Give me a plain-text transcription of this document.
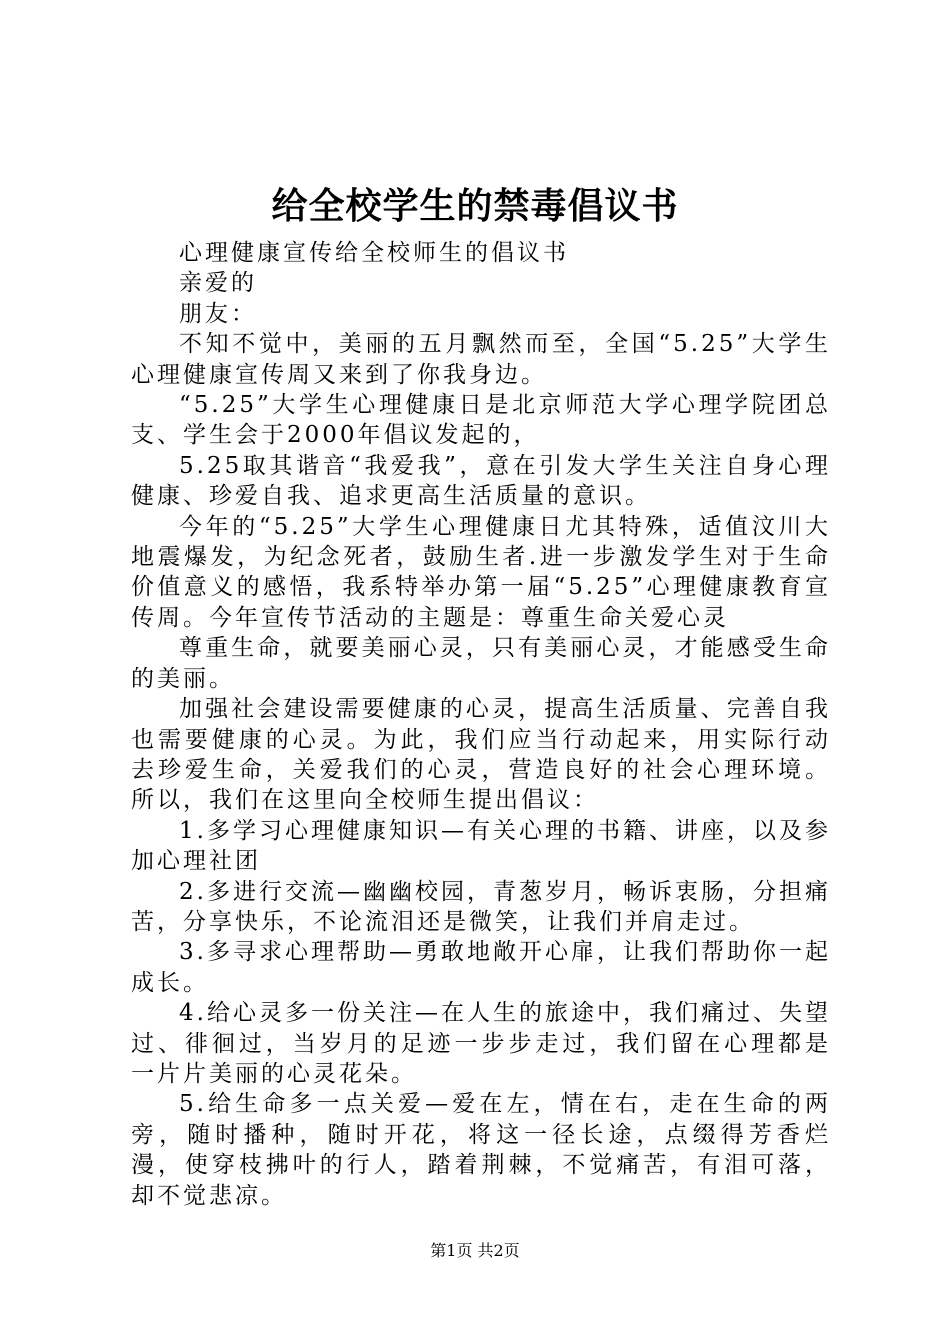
给全校学生的禁毒倡议书

心理健康宣传给全校师生的倡议书

亲爱的

朋友：

不知不觉中，美丽的五月飘然而至，全国“5.25”大学生心理健康宣传周又来到了你我身边。

“5.25”大学生心理健康日是北京师范大学心理学院团总支、学生会于2000年倡议发起的，

5.25取其谐音“我爱我”，意在引发大学生关注自身心理健康、珍爱自我、追求更高生活质量的意识。

今年的“5.25”大学生心理健康日尤其特殊，适值汶川大地震爆发，为纪念死者，鼓励生者.进一步激发学生对于生命价值意义的感悟，我系特举办第一届“5.25”心理健康教育宣传周。今年宣传节活动的主题是：尊重生命关爱心灵

尊重生命，就要美丽心灵，只有美丽心灵，才能感受生命的美丽。

加强社会建设需要健康的心灵，提高生活质量、完善自我也需要健康的心灵。为此，我们应当行动起来，用实际行动去珍爱生命，关爱我们的心灵，营造良好的社会心理环境。所以，我们在这里向全校师生提出倡议：

1.多学习心理健康知识—有关心理的书籍、讲座，以及参加心理社团

2.多进行交流—幽幽校园，青葱岁月，畅诉衷肠，分担痛苦，分享快乐，不论流泪还是微笑，让我们并肩走过。

3.多寻求心理帮助—勇敢地敞开心扉，让我们帮助你一起成长。

4.给心灵多一份关注—在人生的旅途中，我们痛过、失望过、徘徊过，当岁月的足迹一步步走过，我们留在心理都是一片片美丽的心灵花朵。

5.给生命多一点关爱—爱在左，情在右，走在生命的两旁，随时播种，随时开花，将这一径长途，点缀得芳香烂漫，使穿枝拂叶的行人，踏着荆棘，不觉痛苦，有泪可落，却不觉悲凉。

第1页 共2页
